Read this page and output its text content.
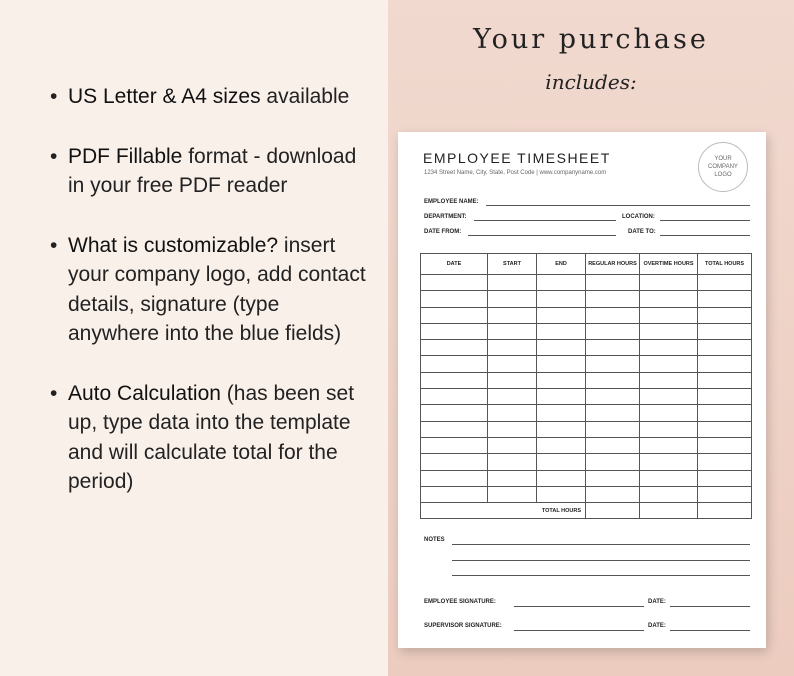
• US Letter & A4 sizes available
• PDF Fillable format - download in your free PDF reader
• What is customizable? insert your company logo, add contact details, signature (type anywhere into the blue fields)
• Auto Calculation (has been set up, type data into the template and will calculate total for the period)
Your purchase
includes:
EMPLOYEE TIMESHEET
1234 Street Name, City, State, Post Code | www.companyname.com
YOUR COMPANY LOGO
EMPLOYEE NAME:
DEPARTMENT:	LOCATION:
DATE FROM:	DATE TO:
DATE	START	END	REGULAR HOURS	OVERTIME HOURS	TOTAL HOURS

		TOTAL HOURS			
NOTES
EMPLOYEE SIGNATURE:	DATE:
SUPERVISOR SIGNATURE:	DATE:
